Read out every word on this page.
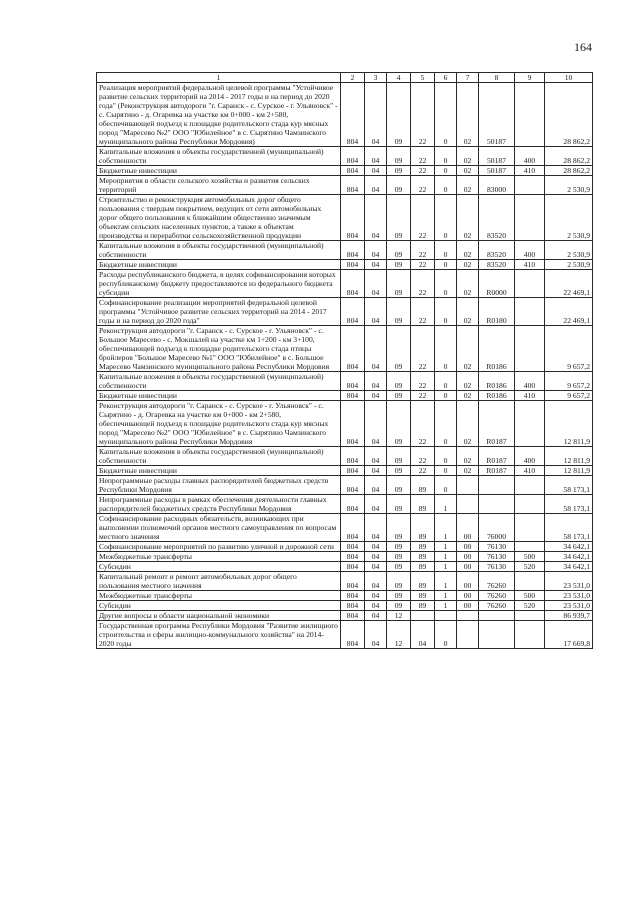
164
1	2	3	4	5	6	7	8	9	10
Реализация мероприятий федеральной целевой программы "Устойчивое развитие сельских территорий на 2014 - 2017 годы и на период до 2020 года" (Реконструкция автодороги "г. Саранск - с. Сурское - г. Ульяновск" - с. Сырятино - д. Огаревка на участке км 0+000 - км 2+580, обеспечивающей подъезд к площадке родительского стада кур мясных пород "Мaресево №2" ООО "Юбилейное" в с. Сырятино Чамзинского муниципального района Республики Мордовия)	804	04	09	22	0	02	50187		28 862,2
Капитальные вложения в объекты государственной (муниципальной) собственности	804	04	09	22	0	02	50187	400	28 862,2
Бюджетные инвестиции	804	04	09	22	0	02	50187	410	28 862,2
Мероприятия в области сельского хозяйства и развития сельских территорий	804	04	09	22	0	02	83000		2 530,9
Строительство и реконструкция автомобильных дорог общего пользования с твердым покрытием, ведущих от сети автомобильных дорог общего пользования к ближайшим общественно значимым объектам сельских населенных пунктов, а также к объектам производства и переработки сельскохозяйственной продукции	804	04	09	22	0	02	83520		2 530,9
Капитальные вложения в объекты государственной (муниципальной) собственности	804	04	09	22	0	02	83520	400	2 530,9
Бюджетные инвестиции	804	04	09	22	0	02	83520	410	2 530,9
Расходы республиканского бюджета, в целях софинансирования которых республиканскому бюджету предоставляются из федерального бюджета субсидии	804	04	09	22	0	02	R0000		22 469,1
Софинансирование реализации мероприятий федеральной целевой программы "Устойчивое развитие сельских территорий на 2014 - 2017 годы и на период до 2020 года"	804	04	09	22	0	02	R0180		22 469,1
Реконструкция автодороги "г. Саранск - с. Сурское - г. Ульяновск" - с. Большое Маресево - с. Мокшалей на участке км 1+200 - км 3+100, обеспечивающей подъезд к площадке родительского стада птицы бройлеров "Большое Маресево №1" ООО "Юбилейное" в с. Большое Маресево Чамзинского муниципального района Республики Мордовия	804	04	09	22	0	02	R0186		9 657,2
Капитальные вложения в объекты государственной (муниципальной) собственности	804	04	09	22	0	02	R0186	400	9 657,2
Бюджетные инвестиции	804	04	09	22	0	02	R0186	410	9 657,2
Реконструкция автодороги "г. Саранск - с. Сурское - г. Ульяновск" - с. Сырятино - д. Огаревка на участке км 0+000 - км 2+580, обеспечивающей подъезд к площадке родительского стада кур мясных пород "Маресево №2" ООО "Юбилейное" в с. Сырятино Чамзинского муниципального района Республики Мордовия	804	04	09	22	0	02	R0187		12 811,9
Капитальные вложения в объекты государственной (муниципальной) собственности	804	04	09	22	0	02	R0187	400	12 811,9
Бюджетные инвестиции	804	04	09	22	0	02	R0187	410	12 811,9
Непрограммные расходы главных распорядителей бюджетных средств Республики Мордовия	804	04	09	89	0				58 173,1
Непрограммные расходы в рамках обеспечения деятельности главных распорядителей бюджетных средств Республики Мордовия	804	04	09	89	1				58 173,1
Софинансирование расходных обязательств, возникающих при выполнении полномочий органов местного самоуправления по вопросам местного значения	804	04	09	89	1	00	76000		58 173,1
Софинансирование мероприятий по развитию уличной и дорожной сети	804	04	09	89	1	00	76130		34 642,1
Межбюджетные трансферты	804	04	09	89	1	00	76130	500	34 642,1
Субсидии	804	04	09	89	1	00	76130	520	34 642,1
Капитальный ремонт и ремонт автомобильных дорог общего пользования местного значения	804	04	09	89	1	00	76260		23 531,0
Межбюджетные трансферты	804	04	09	89	1	00	76260	500	23 531,0
Субсидии	804	04	09	89	1	00	76260	520	23 531,0
Другие вопросы в области национальной экономики	804	04	12						86 939,7
Государственная программа Республики Мордовия "Развитие жилищного строительства и сферы жилищно-коммунального хозяйства" на 2014-2020 годы	804	04	12	04	0				17 669,8
